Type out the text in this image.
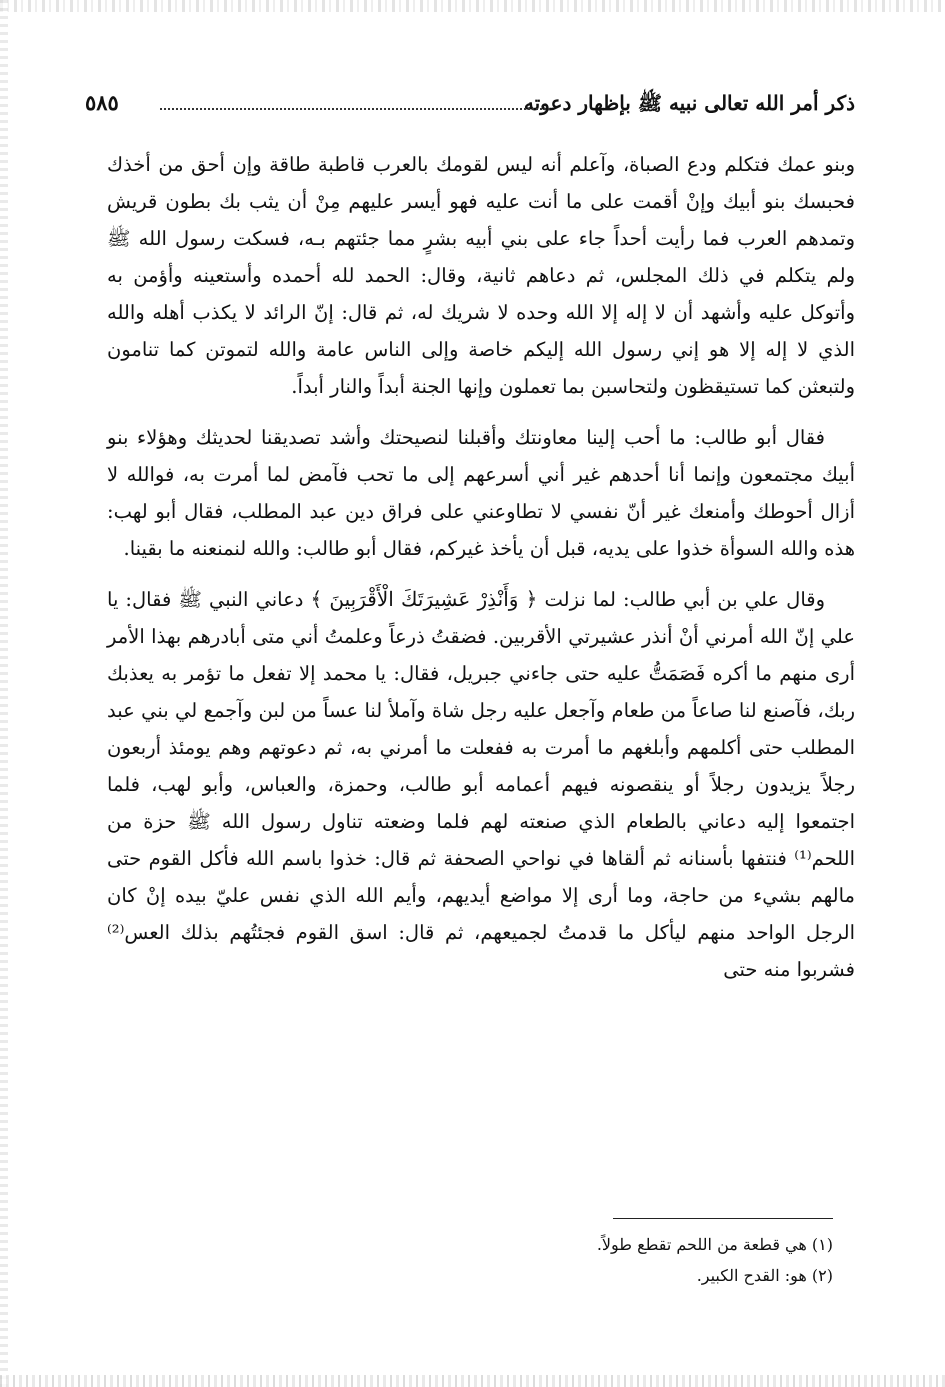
ذكر أمر الله تعالى نبيه ﷺ بإظهار دعوته
٥٨٥

وبنو عمك فتكلم ودع الصباة، وآعلم أنه ليس لقومك بالعرب قاطبة طاقة وإن أحق من أخذك فحبسك بنو أبيك وإنْ أقمت على ما أنت عليه فهو أيسر عليهم مِنْ أن يثب بك بطون قريش وتمدهم العرب فما رأيت أحداً جاء على بني أبيه بشرٍ مما جئتهم بـه، فسكت رسول الله ﷺ ولم يتكلم في ذلك المجلس، ثم دعاهم ثانية، وقال: الحمد لله أحمده وأستعينه وأؤمن به وأتوكل عليه وأشهد أن لا إله إلا الله وحده لا شريك له، ثم قال: إنّ الرائد لا يكذب أهله والله الذي لا إله إلا هو إني رسول الله إليكم خاصة وإلى الناس عامة والله لتموتن كما تنامون ولتبعثن كما تستيقظون ولتحاسبن بما تعملون وإنها الجنة أبداً والنار أبداً.

فقال أبو طالب: ما أحب إلينا معاونتك وأقبلنا لنصيحتك وأشد تصديقنا لحديثك وهؤلاء بنو أبيك مجتمعون وإنما أنا أحدهم غير أني أسرعهم إلى ما تحب فآمض لما أمرت به، فوالله لا أزال أحوطك وأمنعك غير أنّ نفسي لا تطاوعني على فراق دين عبد المطلب، فقال أبو لهب: هذه والله السوأة خذوا على يديه، قبل أن يأخذ غيركم، فقال أبو طالب: والله لنمنعنه ما بقينا.

وقال علي بن أبي طالب: لما نزلت ﴿ وَأَنْذِرْ عَشِيرَتَكَ الْأَقْرَبِينَ ﴾ دعاني النبي ﷺ فقال: يا علي إنّ الله أمرني أنْ أنذر عشيرتي الأقربين. فضقتُ ذرعاً وعلمتُ أني متى أبادرهم بهذا الأمر أرى منهم ما أكره فَصَمَتُّ عليه حتى جاءني جبريل، فقال: يا محمد إلا تفعل ما تؤمر به يعذبك ربك، فآصنع لنا صاعاً من طعام وآجعل عليه رجل شاة وآملأ لنا عساً من لبن وآجمع لي بني عبد المطلب حتى أكلمهم وأبلغهم ما أمرت به ففعلت ما أمرني به، ثم دعوتهم وهم يومئذ أربعون رجلاً يزيدون رجلاً أو ينقصونه فيهم أعمامه أبو طالب، وحمزة، والعباس، وأبو لهب، فلما اجتمعوا إليه دعاني بالطعام الذي صنعته لهم فلما وضعته تناول رسول الله ﷺ حزة من اللحم⁽¹⁾ فنتفها بأسنانه ثم ألقاها في نواحي الصحفة ثم قال: خذوا باسم الله فأكل القوم حتى مالهم بشيء من حاجة، وما أرى إلا مواضع أيديهم، وأيم الله الذي نفس عليّ بيده إنْ كان الرجل الواحد منهم ليأكل ما قدمتُ لجميعهم، ثم قال: اسق القوم فجئتُهم بذلك العس⁽²⁾ فشربوا منه حتى

(١) هي قطعة من اللحم تقطع طولاً.
(٢) هو: القدح الكبير.
